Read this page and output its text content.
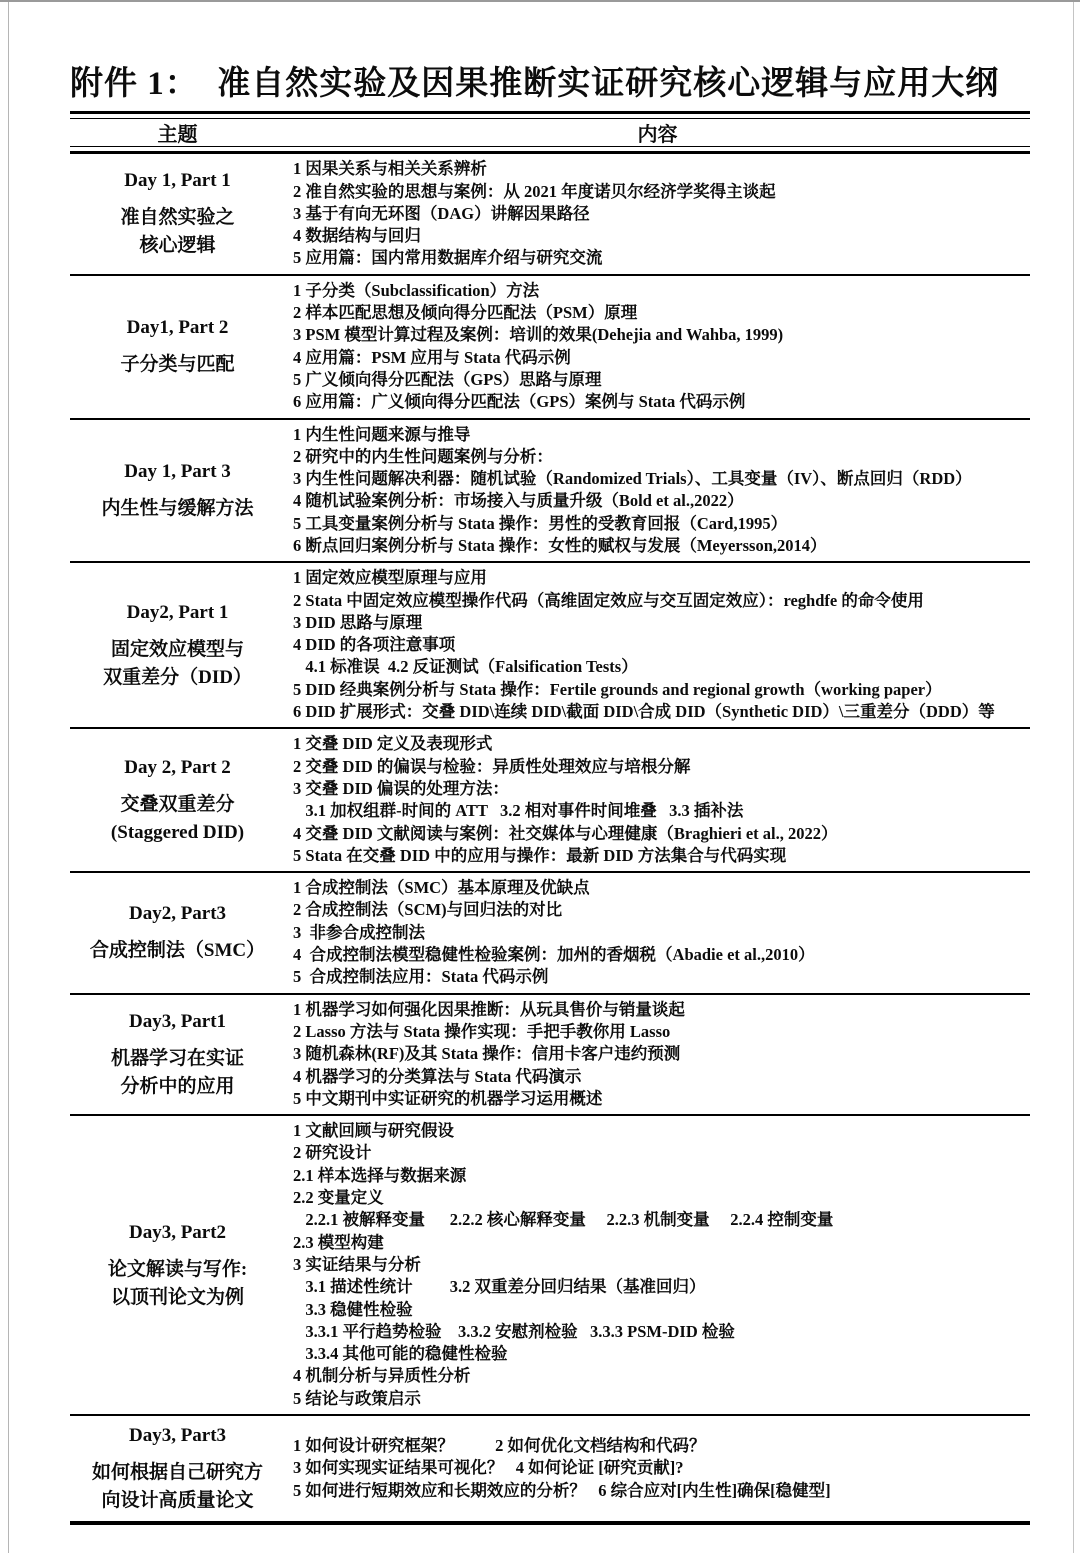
附件 1：  准自然实验及因果推断实证研究核心逻辑与应用大纲
主题	内容
Day 1, Part 1
准自然实验之
核心逻辑
1 因果关系与相关关系辨析
2 准自然实验的思想与案例：从 2021 年度诺贝尔经济学奖得主谈起
3 基于有向无环图（DAG）讲解因果路径
4 数据结构与回归
5 应用篇：国内常用数据库介绍与研究交流
Day1, Part 2
子分类与匹配
1 子分类（Subclassification）方法
2 样本匹配思想及倾向得分匹配法（PSM）原理
3 PSM 模型计算过程及案例：培训的效果(Dehejia and Wahba, 1999)
4 应用篇：PSM 应用与 Stata 代码示例
5 广义倾向得分匹配法（GPS）思路与原理
6 应用篇：广义倾向得分匹配法（GPS）案例与 Stata 代码示例
Day 1, Part 3
内生性与缓解方法
1 内生性问题来源与推导
2 研究中的内生性问题案例与分析：
3 内生性问题解决利器：随机试验（Randomized Trials）、工具变量（IV）、断点回归（RDD）
4 随机试验案例分析：市场接入与质量升级（Bold et al.,2022）
5 工具变量案例分析与 Stata 操作：男性的受教育回报（Card,1995）
6 断点回归案例分析与 Stata 操作：女性的赋权与发展（Meyersson,2014）
Day2, Part 1
固定效应模型与
双重差分（DID）
1 固定效应模型原理与应用
2 Stata 中固定效应模型操作代码（高维固定效应与交互固定效应）：reghdfe 的命令使用
3 DID 思路与原理
4 DID 的各项注意事项
4.1 标准误  4.2 反证测试（Falsification Tests）
5 DID 经典案例分析与 Stata 操作：Fertile grounds and regional growth（working paper）
6 DID 扩展形式：交叠 DID\连续 DID\截面 DID\合成 DID（Synthetic DID）\三重差分（DDD）等
Day 2, Part 2
交叠双重差分
(Staggered DID)
1 交叠 DID 定义及表现形式
2 交叠 DID 的偏误与检验：异质性处理效应与培根分解
3 交叠 DID 偏误的处理方法：
3.1 加权组群-时间的 ATT   3.2 相对事件时间堆叠   3.3 插补法
4 交叠 DID 文献阅读与案例：社交媒体与心理健康（Braghieri et al., 2022）
5 Stata 在交叠 DID 中的应用与操作：最新 DID 方法集合与代码实现
Day2, Part3
合成控制法（SMC）
1 合成控制法（SMC）基本原理及优缺点
2 合成控制法（SCM)与回归法的对比
3  非参合成控制法
4  合成控制法模型稳健性检验案例：加州的香烟税（Abadie et al.,2010）
5  合成控制法应用：Stata 代码示例
Day3, Part1
机器学习在实证
分析中的应用
1 机器学习如何强化因果推断：从玩具售价与销量谈起
2 Lasso 方法与 Stata 操作实现：手把手教你用 Lasso
3 随机森林(RF)及其 Stata 操作：信用卡客户违约预测
4 机器学习的分类算法与 Stata 代码演示
5 中文期刊中实证研究的机器学习运用概述
Day3, Part2
论文解读与写作:
以顶刊论文为例
1 文献回顾与研究假设
2 研究设计
2.1 样本选择与数据来源
2.2 变量定义
2.2.1 被解释变量      2.2.2 核心解释变量     2.2.3 机制变量     2.2.4 控制变量
2.3 模型构建
3 实证结果与分析
3.1 描述性统计         3.2 双重差分回归结果（基准回归）
3.3 稳健性检验
3.3.1 平行趋势检验    3.3.2 安慰剂检验   3.3.3 PSM-DID 检验
3.3.4 其他可能的稳健性检验
4 机制分析与异质性分析
5 结论与政策启示
Day3, Part3
如何根据自己研究方
向设计高质量论文
1 如何设计研究框架？          2 如何优化文档结构和代码？
3 如何实现实证结果可视化？   4 如何论证 [研究贡献]?
5 如何进行短期效应和长期效应的分析？   6 综合应对[内生性]确保[稳健型]
